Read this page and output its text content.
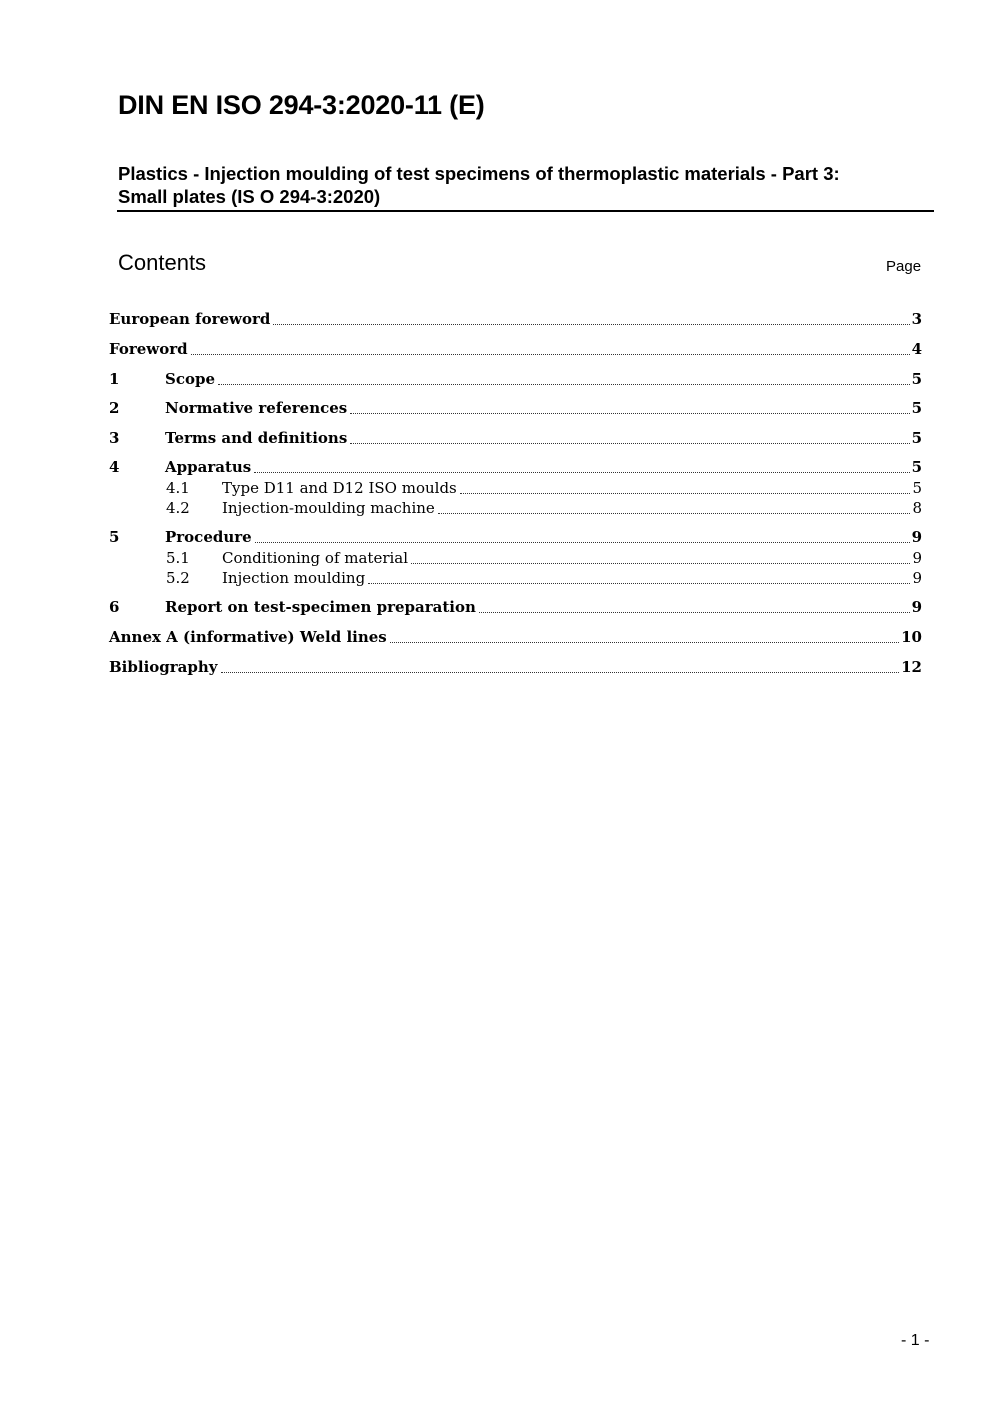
DIN EN ISO 294-3:2020-11 (E)
Plastics - Injection moulding of test specimens of thermoplastic materials - Part 3:
Small plates (IS O 294-3:2020)
Contents	Page
European foreword	3
Foreword	4
1	Scope	5
2	Normative references	5
3	Terms and definitions	5
4	Apparatus	5
4.1	Type D11 and D12 ISO moulds	5
4.2	Injection-moulding machine	8
5	Procedure	9
5.1	Conditioning of material	9
5.2	Injection moulding	9
6	Report on test-specimen preparation	9
Annex A (informative) Weld lines	10
Bibliography	12
- 1 -
